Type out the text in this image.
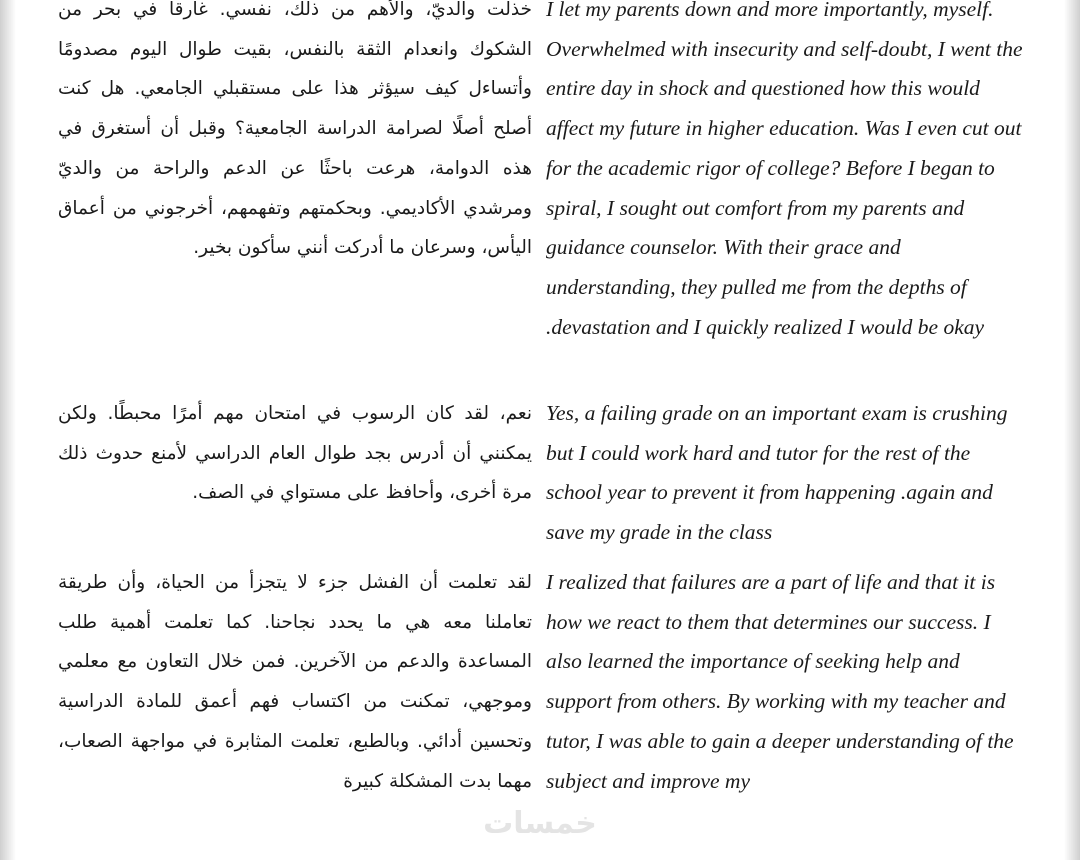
خذلت والديّ، والأهم من ذلك، نفسي. غارقا في بحر من الشكوك وانعدام الثقة بالنفس، بقيت طوال اليوم مصدومًا وأتساءل كيف سيؤثر هذا على مستقبلي الجامعي. هل كنت أصلح أصلًا لصرامة الدراسة الجامعية؟ وقبل أن أستغرق في هذه الدوامة، هرعت باحثًا عن الدعم والراحة من والديّ ومرشدي الأكاديمي. وبحكمتهم وتفهمهم، أخرجوني من أعماق اليأس، وسرعان ما أدركت أنني سأكون بخير.

I let my parents down and more importantly, myself. Overwhelmed with insecurity and self-doubt, I went the entire day in shock and questioned how this would affect my future in higher education. Was I even cut out for the academic rigor of college? Before I began to spiral, I sought out comfort from my parents and guidance counselor. With their grace and understanding, they pulled me from the depths of .devastation and I quickly realized I would be okay

نعم، لقد كان الرسوب في امتحان مهم أمرًا محبطًا. ولكن يمكنني أن أدرس بجد طوال العام الدراسي لأمنع حدوث ذلك مرة أخرى، وأحافظ على مستواي في الصف.

Yes, a failing grade on an important exam is crushing but I could work hard and tutor for the rest of the school year to prevent it from happening .again and save my grade in the class

لقد تعلمت أن الفشل جزء لا يتجزأ من الحياة، وأن طريقة تعاملنا معه هي ما يحدد نجاحنا. كما تعلمت أهمية طلب المساعدة والدعم من الآخرين. فمن خلال التعاون مع معلمي وموجهي، تمكنت من اكتساب فهم أعمق للمادة الدراسية وتحسين أدائي. وبالطبع، تعلمت المثابرة في مواجهة الصعاب، مهما بدت المشكلة كبيرة

I realized that failures are a part of life and that it is how we react to them that determines our success. I also learned the importance of seeking help and support from others. By working with my teacher and tutor, I was able to gain a deeper understanding of the subject and improve my

خمسات
